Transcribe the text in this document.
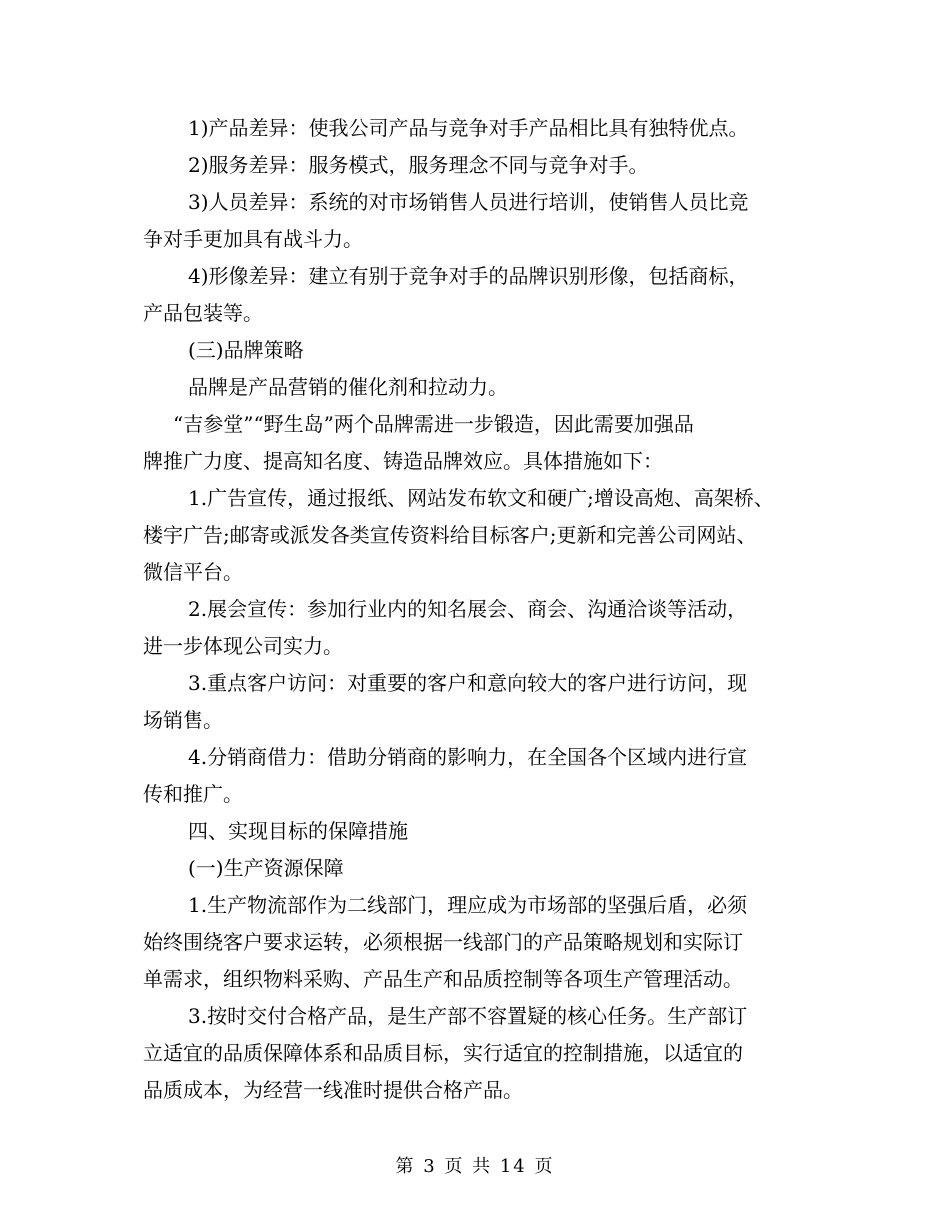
1)产品差异：使我公司产品与竞争对手产品相比具有独特优点。

2)服务差异：服务模式，服务理念不同与竞争对手。

3)人员差异：系统的对市场销售人员进行培训，使销售人员比竞
争对手更加具有战斗力。

4)形像差异：建立有别于竞争对手的品牌识别形像，包括商标，
产品包装等。

(三)品牌策略

品牌是产品营销的催化剂和拉动力。

“吉参堂”“野生岛”两个品牌需进一步锻造，因此需要加强品
牌推广力度、提高知名度、铸造品牌效应。具体措施如下：

1.广告宣传，通过报纸、网站发布软文和硬广;增设高炮、高架桥、
楼宇广告;邮寄或派发各类宣传资料给目标客户;更新和完善公司网站、
微信平台。

2.展会宣传：参加行业内的知名展会、商会、沟通洽谈等活动，
进一步体现公司实力。

3.重点客户访问：对重要的客户和意向较大的客户进行访问，现
场销售。

4.分销商借力：借助分销商的影响力，在全国各个区域内进行宣
传和推广。

四、实现目标的保障措施

(一)生产资源保障

1.生产物流部作为二线部门，理应成为市场部的坚强后盾，必须
始终围绕客户要求运转，必须根据一线部门的产品策略规划和实际订
单需求，组织物料采购、产品生产和品质控制等各项生产管理活动。

3.按时交付合格产品，是生产部不容置疑的核心任务。生产部订
立适宜的品质保障体系和品质目标，实行适宜的控制措施，以适宜的
品质成本，为经营一线准时提供合格产品。

第 3 页 共 14 页
